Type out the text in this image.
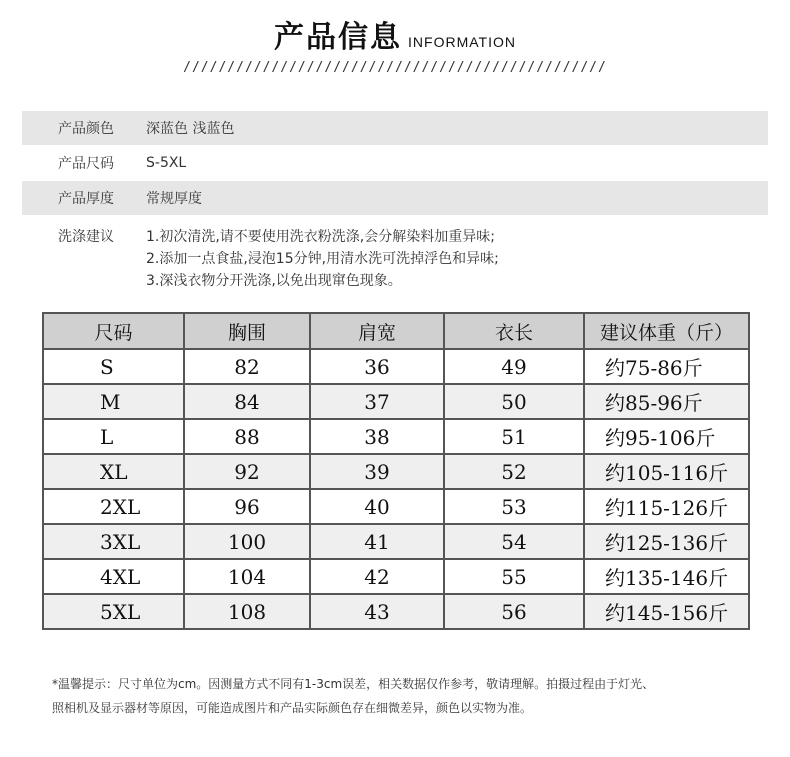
产品信息 INFORMATION
////////////////////////////////////////////////
产品颜色	深蓝色 浅蓝色
产品尺码	S-5XL
产品厚度	常规厚度
洗涤建议 1.初次清洗,请不要使用洗衣粉洗涤,会分解染料加重异味;
2.添加一点食盐,浸泡15分钟,用清水洗可洗掉浮色和异味;
3.深浅衣物分开洗涤,以免出现窜色现象。
尺码	胸围	肩宽	衣长	建议体重（斤）
S	82	36	49	约75-86斤
M	84	37	50	约85-96斤
L	88	38	51	约95-106斤
XL	92	39	52	约105-116斤
2XL	96	40	53	约115-126斤
3XL	100	41	54	约125-136斤
4XL	104	42	55	约135-146斤
5XL	108	43	56	约145-156斤
*温馨提示：尺寸单位为cm。因测量方式不同有1-3cm误差，相关数据仅作参考，敬请理解。拍摄过程由于灯光、
照相机及显示器材等原因，可能造成图片和产品实际颜色存在细微差异，颜色以实物为准。
